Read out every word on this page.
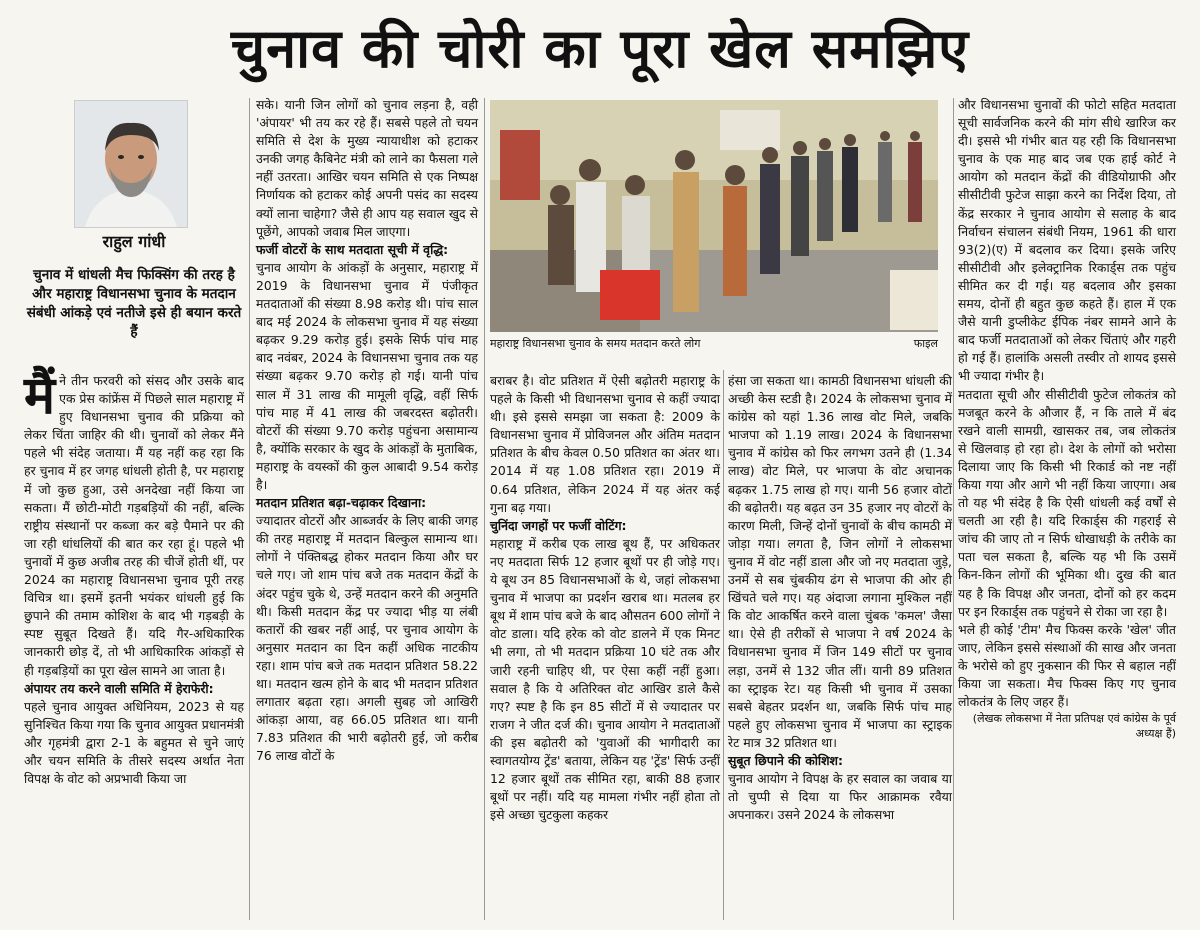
चुनाव की चोरी का पूरा खेल समझिए
राहुल गांधी
चुनाव में धांधली मैच फिक्सिंग की तरह है और महाराष्ट्र विधानसभा चुनाव के मतदान संबंधी आंकड़े एवं नतीजे इसे ही बयान करते हैं
महाराष्ट्र विधानसभा चुनाव के समय मतदान करते लोग	फाइल

मैंने तीन फरवरी को संसद और उसके बाद एक प्रेस कांफ्रेंस में पिछले साल महाराष्ट्र में हुए विधानसभा चुनाव की प्रक्रिया को लेकर चिंता जाहिर की थी। चुनावों को लेकर मैंने पहले भी संदेह जताया। मैं यह नहीं कह रहा कि हर चुनाव में हर जगह धांधली होती है, पर महाराष्ट्र में जो कुछ हुआ, उसे अनदेखा नहीं किया जा सकता। मैं छोटी-मोटी गड़बड़ियों की नहीं, बल्कि राष्ट्रीय संस्थानों पर कब्जा कर बड़े पैमाने पर की जा रही धांधलियों की बात कर रहा हूं। पहले भी चुनावों में कुछ अजीब तरह की चीजें होती थीं, पर 2024 का महाराष्ट्र विधानसभा चुनाव पूरी तरह विचित्र था। इसमें इतनी भयंकर धांधली हुई कि छुपाने की तमाम कोशिश के बाद भी गड़बड़ी के स्पष्ट सुबूत दिखते हैं। यदि गैर-अधिकारिक जानकारी छोड़ दें, तो भी आधिकारिक आंकड़ों से ही गड़बड़ियों का पूरा खेल सामने आ जाता है।

अंपायर तय करने वाली समिति में हेराफेरी:

पहले चुनाव आयुक्त अधिनियम, 2023 से यह सुनिश्चित किया गया कि चुनाव आयुक्त प्रधानमंत्री और गृहमंत्री द्वारा 2-1 के बहुमत से चुने जाएं और चयन समिति के तीसरे सदस्य अर्थात नेता विपक्ष के वोट को अप्रभावी किया जा

सके। यानी जिन लोगों को चुनाव लड़ना है, वही 'अंपायर' भी तय कर रहे हैं। सबसे पहले तो चयन समिति से देश के मुख्य न्यायाधीश को हटाकर उनकी जगह कैबिनेट मंत्री को लाने का फैसला गले नहीं उतरता। आखिर चयन समिति से एक निष्पक्ष निर्णायक को हटाकर कोई अपनी पसंद का सदस्य क्यों लाना चाहेगा? जैसे ही आप यह सवाल खुद से पूछेंगे, आपको जवाब मिल जाएगा।

फर्जी वोटरों के साथ मतदाता सूची में वृद्धि:

चुनाव आयोग के आंकड़ों के अनुसार, महाराष्ट्र में 2019 के विधानसभा चुनाव में पंजीकृत मतदाताओं की संख्या 8.98 करोड़ थी। पांच साल बाद मई 2024 के लोकसभा चुनाव में यह संख्या बढ़कर 9.29 करोड़ हुई। इसके सिर्फ पांच माह बाद नवंबर, 2024 के विधानसभा चुनाव तक यह संख्या बढ़कर 9.70 करोड़ हो गई। यानी पांच साल में 31 लाख की मामूली वृद्धि, वहीं सिर्फ पांच माह में 41 लाख की जबरदस्त बढ़ोतरी। वोटरों की संख्या 9.70 करोड़ पहुंचना असामान्य है, क्योंकि सरकार के खुद के आंकड़ों के मुताबिक, महाराष्ट्र के वयस्कों की कुल आबादी 9.54 करोड़ है।

मतदान प्रतिशत बढ़ा-चढ़ाकर दिखाना:

ज्यादातर वोटरों और आब्जर्वर के लिए बाकी जगह की तरह महाराष्ट्र में मतदान बिल्कुल सामान्य था। लोगों ने पंक्तिबद्ध होकर मतदान किया और घर चले गए। जो शाम पांच बजे तक मतदान केंद्रों के अंदर पहुंच चुके थे, उन्हें मतदान करने की अनुमति थी। किसी मतदान केंद्र पर ज्यादा भीड़ या लंबी कतारों की खबर नहीं आई, पर चुनाव आयोग के अनुसार मतदान का दिन कहीं अधिक नाटकीय रहा। शाम पांच बजे तक मतदान प्रतिशत 58.22 था। मतदान खत्म होने के बाद भी मतदान प्रतिशत लगातार बढ़ता रहा। अगली सुबह जो आखिरी आंकड़ा आया, वह 66.05 प्रतिशत था। यानी 7.83 प्रतिशत की भारी बढ़ोतरी हुई, जो करीब 76 लाख वोटों के

बराबर है। वोट प्रतिशत में ऐसी बढ़ोतरी महाराष्ट्र के पहले के किसी भी विधानसभा चुनाव से कहीं ज्यादा थी। इसे इससे समझा जा सकता है: 2009 के विधानसभा चुनाव में प्रोविजनल और अंतिम मतदान प्रतिशत के बीच केवल 0.50 प्रतिशत का अंतर था। 2014 में यह 1.08 प्रतिशत रहा। 2019 में 0.64 प्रतिशत, लेकिन 2024 में यह अंतर कई गुना बढ़ गया।

चुनिंदा जगहों पर फर्जी वोटिंग:

महाराष्ट्र में करीब एक लाख बूथ हैं, पर अधिकतर नए मतदाता सिर्फ 12 हजार बूथों पर ही जोड़े गए। ये बूथ उन 85 विधानसभाओं के थे, जहां लोकसभा चुनाव में भाजपा का प्रदर्शन खराब था। मतलब हर बूथ में शाम पांच बजे के बाद औसतन 600 लोगों ने वोट डाला। यदि हरेक को वोट डालने में एक मिनट भी लगा, तो भी मतदान प्रक्रिया 10 घंटे तक और जारी रहनी चाहिए थी, पर ऐसा कहीं नहीं हुआ। सवाल है कि ये अतिरिक्त वोट आखिर डाले कैसे गए? स्पष्ट है कि इन 85 सीटों में से ज्यादातर पर राजग ने जीत दर्ज की। चुनाव आयोग ने मतदाताओं की इस बढ़ोतरी को 'युवाओं की भागीदारी का स्वागतयोग्य ट्रेंड' बताया, लेकिन यह 'ट्रेंड' सिर्फ उन्हीं 12 हजार बूथों तक सीमित रहा, बाकी 88 हजार बूथों पर नहीं। यदि यह मामला गंभीर नहीं होता तो इसे अच्छा चुटकुला कहकर

हंसा जा सकता था। कामठी विधानसभा धांधली की अच्छी केस स्टडी है। 2024 के लोकसभा चुनाव में कांग्रेस को यहां 1.36 लाख वोट मिले, जबकि भाजपा को 1.19 लाख। 2024 के विधानसभा चुनाव में कांग्रेस को फिर लगभग उतने ही (1.34 लाख) वोट मिले, पर भाजपा के वोट अचानक बढ़कर 1.75 लाख हो गए। यानी 56 हजार वोटों की बढ़ोतरी। यह बढ़त उन 35 हजार नए वोटरों के कारण मिली, जिन्हें दोनों चुनावों के बीच कामठी में जोड़ा गया। लगता है, जिन लोगों ने लोकसभा चुनाव में वोट नहीं डाला और जो नए मतदाता जुड़े, उनमें से सब चुंबकीय ढंग से भाजपा की ओर ही खिंचते चले गए। यह अंदाजा लगाना मुश्किल नहीं कि वोट आकर्षित करने वाला चुंबक 'कमल' जैसा था। ऐसे ही तरीकों से भाजपा ने वर्ष 2024 के विधानसभा चुनाव में जिन 149 सीटों पर चुनाव लड़ा, उनमें से 132 जीत लीं। यानी 89 प्रतिशत का स्ट्राइक रेट। यह किसी भी चुनाव में उसका सबसे बेहतर प्रदर्शन था, जबकि सिर्फ पांच माह पहले हुए लोकसभा चुनाव में भाजपा का स्ट्राइक रेट मात्र 32 प्रतिशत था।

सुबूत छिपाने की कोशिश:

चुनाव आयोग ने विपक्ष के हर सवाल का जवाब या तो चुप्पी से दिया या फिर आक्रामक रवैया अपनाकर। उसने 2024 के लोकसभा

और विधानसभा चुनावों की फोटो सहित मतदाता सूची सार्वजनिक करने की मांग सीधे खारिज कर दी। इससे भी गंभीर बात यह रही कि विधानसभा चुनाव के एक माह बाद जब एक हाई कोर्ट ने आयोग को मतदान केंद्रों की वीडियोग्राफी और सीसीटीवी फुटेज साझा करने का निर्देश दिया, तो केंद्र सरकार ने चुनाव आयोग से सलाह के बाद निर्वाचन संचालन संबंधी नियम, 1961 की धारा 93(2)(ए) में बदलाव कर दिया। इसके जरिए सीसीटीवी और इलेक्ट्रानिक रिकार्ड्स तक पहुंच सीमित कर दी गई। यह बदलाव और इसका समय, दोनों ही बहुत कुछ कहते हैं। हाल में एक जैसे यानी डुप्लीकेट ईपिक नंबर सामने आने के बाद फर्जी मतदाताओं को लेकर चिंताएं और गहरी हो गई हैं। हालांकि असली तस्वीर तो शायद इससे भी ज्यादा गंभीर है।

मतदाता सूची और सीसीटीवी फुटेज लोकतंत्र को मजबूत करने के औजार हैं, न कि ताले में बंद रखने वाली सामग्री, खासकर तब, जब लोकतंत्र से खिलवाड़ हो रहा हो। देश के लोगों को भरोसा दिलाया जाए कि किसी भी रिकार्ड को नष्ट नहीं किया गया और आगे भी नहीं किया जाएगा। अब तो यह भी संदेह है कि ऐसी धांधली कई वर्षों से चलती आ रही है। यदि रिकार्ड्स की गहराई से जांच की जाए तो न सिर्फ धोखाधड़ी के तरीके का पता चल सकता है, बल्कि यह भी कि उसमें किन-किन लोगों की भूमिका थी। दुख की बात यह है कि विपक्ष और जनता, दोनों को हर कदम पर इन रिकार्ड्स तक पहुंचने से रोका जा रहा है।

भले ही कोई 'टीम' मैच फिक्स करके 'खेल' जीत जाए, लेकिन इससे संस्थाओं की साख और जनता के भरोसे को हुए नुकसान की फिर से बहाल नहीं किया जा सकता। मैच फिक्स किए गए चुनाव लोकतंत्र के लिए जहर हैं।

(लेखक लोकसभा में नेता प्रतिपक्ष एवं कांग्रेस के पूर्व अध्यक्ष हैं)
